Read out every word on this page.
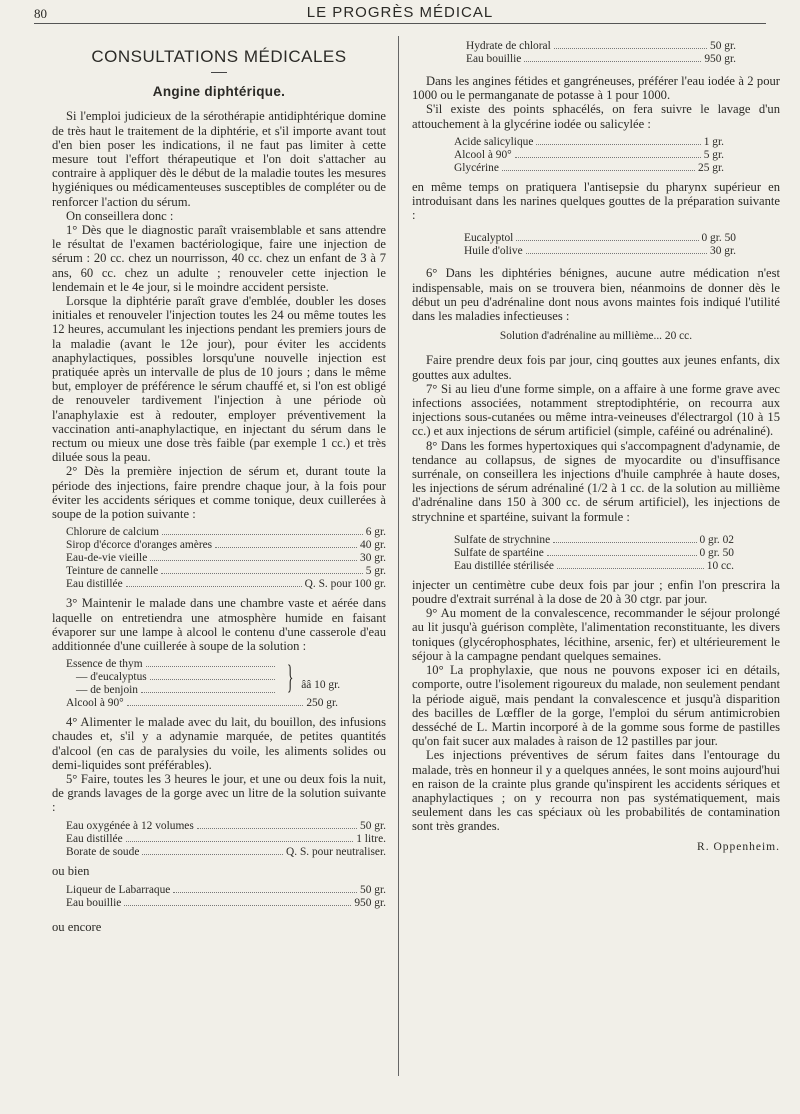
80	LE PROGRÈS MÉDICAL
CONSULTATIONS MÉDICALES
Angine diphtérique.

Si l'emploi judicieux de la sérothérapie antidiphtérique domine de très haut le traitement de la diphtérie, et s'il importe avant tout d'en bien poser les indications, il ne faut pas limiter à cette mesure tout l'effort thérapeutique et l'on doit s'attacher au contraire à appliquer dès le début de la maladie toutes les mesures hygiéniques ou médicamenteuses susceptibles de compléter ou de renforcer l'action du sérum.

On conseillera donc :

1° Dès que le diagnostic paraît vraisemblable et sans attendre le résultat de l'examen bactériologique, faire une injection de sérum : 20 cc. chez un nourrisson, 40 cc. chez un enfant de 3 à 7 ans, 60 cc. chez un adulte ; renouveler cette injection le lendemain et le 4e jour, si le moindre accident persiste.

Lorsque la diphtérie paraît grave d'emblée, doubler les doses initiales et renouveler l'injection toutes les 24 ou même toutes les 12 heures, accumulant les injections pendant les premiers jours de la maladie (avant le 12e jour), pour éviter les accidents anaphylactiques, possibles lorsqu'une nouvelle injection est pratiquée après un intervalle de plus de 10 jours ; dans le même but, employer de préférence le sérum chauffé et, si l'on est obligé de renouveler tardivement l'injection à une période où l'anaphylaxie est à redouter, employer préventivement la vaccination anti-anaphylactique, en injectant du sérum dans le rectum ou mieux une dose très faible (par exemple 1 cc.) et très diluée sous la peau.

2° Dès la première injection de sérum et, durant toute la période des injections, faire prendre chaque jour, à la fois pour éviter les accidents sériques et comme tonique, deux cuillerées à soupe de la potion suivante :

Chlorure de calcium	6 gr.
Sirop d'écorce d'oranges amères	40 gr.
Eau-de-vie vieille	30 gr.
Teinture de cannelle	5 gr.
Eau distillée	Q. S. pour 100 gr.

3° Maintenir le malade dans une chambre vaste et aérée dans laquelle on entretiendra une atmosphère humide en faisant évaporer sur une lampe à alcool le contenu d'une casserole d'eau additionnée d'une cuillerée à soupe de la solution :

Essence de thym
— d'eucalyptus
— de benjoin	} ââ 10 gr.
Alcool à 90°	250 gr.

4° Alimenter le malade avec du lait, du bouillon, des infusions chaudes et, s'il y a adynamie marquée, de petites quantités d'alcool (en cas de paralysies du voile, les aliments solides ou demi-liquides sont préférables).

5° Faire, toutes les 3 heures le jour, et une ou deux fois la nuit, de grands lavages de la gorge avec un litre de la solution suivante :

Eau oxygénée à 12 volumes	50 gr.
Eau distillée	1 litre.
Borate de soude	Q. S. pour neutraliser.

ou bien

Liqueur de Labarraque	50 gr.
Eau bouillie	950 gr.

ou encore

Hydrate de chloral	50 gr.
Eau bouillie	950 gr.

Dans les angines fétides et gangréneuses, préférer l'eau iodée à 2 pour 1000 ou le permanganate de potasse à 1 pour 1000.

S'il existe des points sphacélés, on fera suivre le lavage d'un attouchement à la glycérine iodée ou salicylée :

Acide salicylique	1 gr.
Alcool à 90°	5 gr.
Glycérine	25 gr.

en même temps on pratiquera l'antisepsie du pharynx supérieur en introduisant dans les narines quelques gouttes de la préparation suivante :

Eucalyptol	0 gr. 50
Huile d'olive	30 gr.

6° Dans les diphtéries bénignes, aucune autre médication n'est indispensable, mais on se trouvera bien, néanmoins de donner dès le début un peu d'adrénaline dont nous avons maintes fois indiqué l'utilité dans les maladies infectieuses :

Solution d'adrénaline au millième... 20 cc.

Faire prendre deux fois par jour, cinq gouttes aux jeunes enfants, dix gouttes aux adultes.

7° Si au lieu d'une forme simple, on a affaire à une forme grave avec infections associées, notamment streptodiphtérie, on recourra aux injections sous-cutanées ou même intra-veineuses d'électrargol (10 à 15 cc.) et aux injections de sérum artificiel (simple, caféiné ou adrénaliné).

8° Dans les formes hypertoxiques qui s'accompagnent d'adynamie, de tendance au collapsus, de signes de myocardite ou d'insuffisance surrénale, on conseillera les injections d'huile camphrée à haute doses, les injections de sérum adrénaliné (1/2 à 1 cc. de la solution au millième d'adrénaline dans 150 à 300 cc. de sérum artificiel), les injections de strychnine et spartéine, suivant la formule :

Sulfate de strychnine	0 gr. 02
Sulfate de spartéine	0 gr. 50
Eau distillée stérilisée	10 cc.

injecter un centimètre cube deux fois par jour ; enfin l'on prescrira la poudre d'extrait surrénal à la dose de 20 à 30 ctgr. par jour.

9° Au moment de la convalescence, recommander le séjour prolongé au lit jusqu'à guérison complète, l'alimentation reconstituante, les divers toniques (glycérophosphates, lécithine, arsenic, fer) et ultérieurement le séjour à la campagne pendant quelques semaines.

10° La prophylaxie, que nous ne pouvons exposer ici en détails, comporte, outre l'isolement rigoureux du malade, non seulement pendant la période aiguë, mais pendant la convalescence et jusqu'à disparition des bacilles de Lœffler de la gorge, l'emploi du sérum antimicrobien desséché de L. Martin incorporé à de la gomme sous forme de pastilles qu'on fait sucer aux malades à raison de 12 pastilles par jour.

Les injections préventives de sérum faites dans l'entourage du malade, très en honneur il y a quelques années, le sont moins aujourd'hui en raison de la crainte plus grande qu'inspirent les accidents sériques et anaphylactiques ; on y recourra non pas systématiquement, mais seulement dans les cas spéciaux où les probabilités de contamination sont très grandes.

R. Oppenheim.
